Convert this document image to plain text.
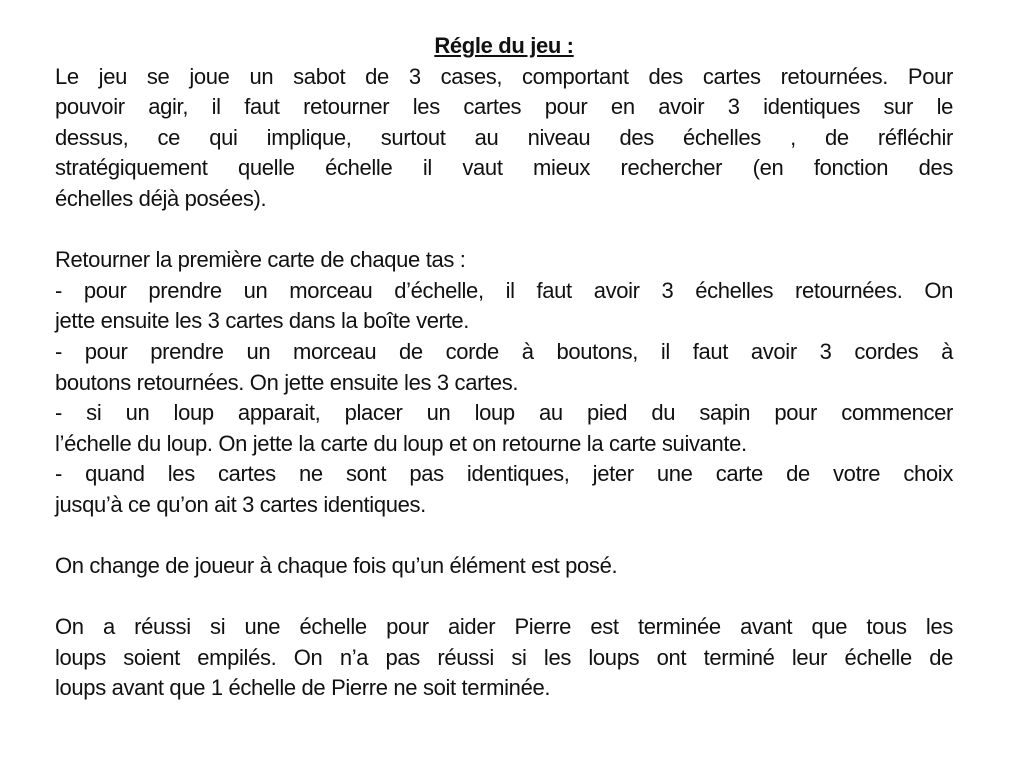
Régle du jeu :
Le jeu se joue un sabot de 3 cases, comportant des cartes retournées. Pour
pouvoir agir, il faut retourner les cartes pour en avoir 3 identiques sur le
dessus, ce qui implique, surtout au niveau des échelles , de réfléchir
stratégiquement quelle échelle il vaut mieux rechercher (en fonction des
échelles déjà posées).
Retourner la première carte de chaque tas :
- pour prendre un morceau d’échelle, il faut avoir 3 échelles retournées. On
jette ensuite les 3 cartes dans la boîte verte.
- pour prendre un morceau de corde à boutons, il faut avoir 3 cordes à
boutons retournées. On jette ensuite les 3 cartes.
- si un loup apparait, placer un loup au pied du sapin pour commencer
l’échelle du loup. On jette la carte du loup et on retourne la carte suivante.
- quand les cartes ne sont pas identiques, jeter une carte de votre choix
jusqu’à ce qu’on ait 3 cartes identiques.
On change de joueur à chaque fois qu’un élément est posé.
On a réussi si une échelle pour aider Pierre est terminée avant que tous les
loups soient empilés. On n’a pas réussi si les loups ont terminé leur échelle de
loups avant que 1 échelle de Pierre ne soit terminée.
